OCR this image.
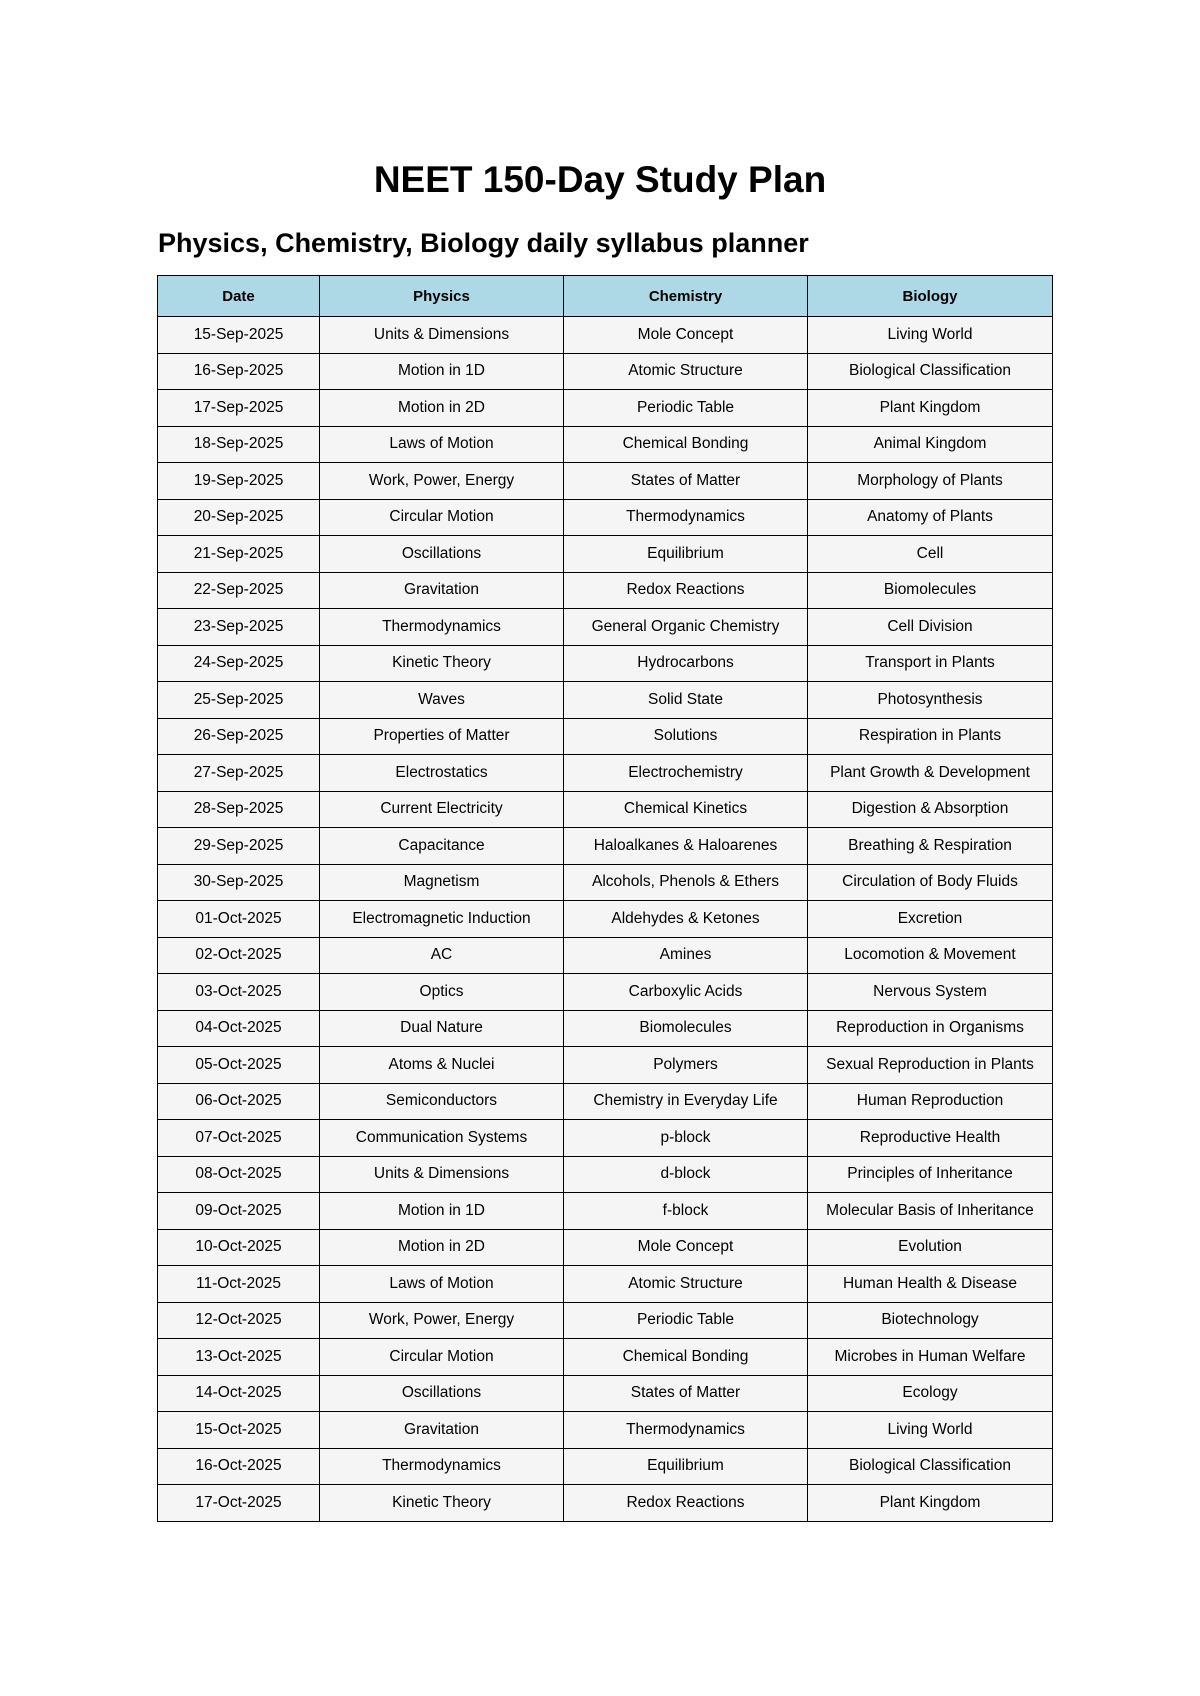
NEET 150-Day Study Plan
Physics, Chemistry, Biology daily syllabus planner
Date	Physics	Chemistry	Biology
15-Sep-2025	Units & Dimensions	Mole Concept	Living World
16-Sep-2025	Motion in 1D	Atomic Structure	Biological Classification
17-Sep-2025	Motion in 2D	Periodic Table	Plant Kingdom
18-Sep-2025	Laws of Motion	Chemical Bonding	Animal Kingdom
19-Sep-2025	Work, Power, Energy	States of Matter	Morphology of Plants
20-Sep-2025	Circular Motion	Thermodynamics	Anatomy of Plants
21-Sep-2025	Oscillations	Equilibrium	Cell
22-Sep-2025	Gravitation	Redox Reactions	Biomolecules
23-Sep-2025	Thermodynamics	General Organic Chemistry	Cell Division
24-Sep-2025	Kinetic Theory	Hydrocarbons	Transport in Plants
25-Sep-2025	Waves	Solid State	Photosynthesis
26-Sep-2025	Properties of Matter	Solutions	Respiration in Plants
27-Sep-2025	Electrostatics	Electrochemistry	Plant Growth & Development
28-Sep-2025	Current Electricity	Chemical Kinetics	Digestion & Absorption
29-Sep-2025	Capacitance	Haloalkanes & Haloarenes	Breathing & Respiration
30-Sep-2025	Magnetism	Alcohols, Phenols & Ethers	Circulation of Body Fluids
01-Oct-2025	Electromagnetic Induction	Aldehydes & Ketones	Excretion
02-Oct-2025	AC	Amines	Locomotion & Movement
03-Oct-2025	Optics	Carboxylic Acids	Nervous System
04-Oct-2025	Dual Nature	Biomolecules	Reproduction in Organisms
05-Oct-2025	Atoms & Nuclei	Polymers	Sexual Reproduction in Plants
06-Oct-2025	Semiconductors	Chemistry in Everyday Life	Human Reproduction
07-Oct-2025	Communication Systems	p-block	Reproductive Health
08-Oct-2025	Units & Dimensions	d-block	Principles of Inheritance
09-Oct-2025	Motion in 1D	f-block	Molecular Basis of Inheritance
10-Oct-2025	Motion in 2D	Mole Concept	Evolution
11-Oct-2025	Laws of Motion	Atomic Structure	Human Health & Disease
12-Oct-2025	Work, Power, Energy	Periodic Table	Biotechnology
13-Oct-2025	Circular Motion	Chemical Bonding	Microbes in Human Welfare
14-Oct-2025	Oscillations	States of Matter	Ecology
15-Oct-2025	Gravitation	Thermodynamics	Living World
16-Oct-2025	Thermodynamics	Equilibrium	Biological Classification
17-Oct-2025	Kinetic Theory	Redox Reactions	Plant Kingdom
